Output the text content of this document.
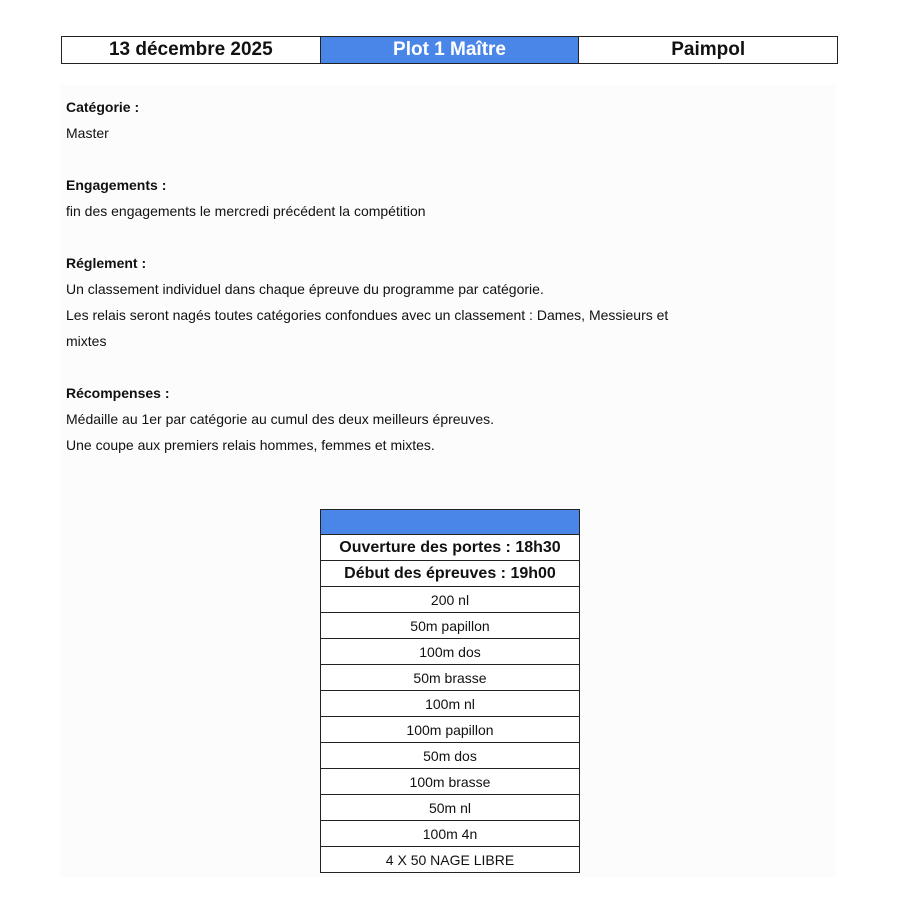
13 décembre 2025	Plot 1 Maître	Paimpol
Catégorie :

Master

Engagements :

fin des engagements le mercredi précédent la compétition

Réglement :

Un classement individuel dans chaque épreuve du programme par catégorie.

Les relais seront nagés toutes catégories confondues avec un classement : Dames, Messieurs et

mixtes

Récompenses :

Médaille au 1er par catégorie au cumul des deux meilleurs épreuves.

Une coupe aux premiers relais hommes, femmes et mixtes.

Ouverture des portes : 18h30
Début des épreuves : 19h00
200 nl
50m papillon
100m dos
50m brasse
100m nl
100m papillon
50m dos
100m brasse
50m nl
100m 4n
4 X 50 NAGE LIBRE
